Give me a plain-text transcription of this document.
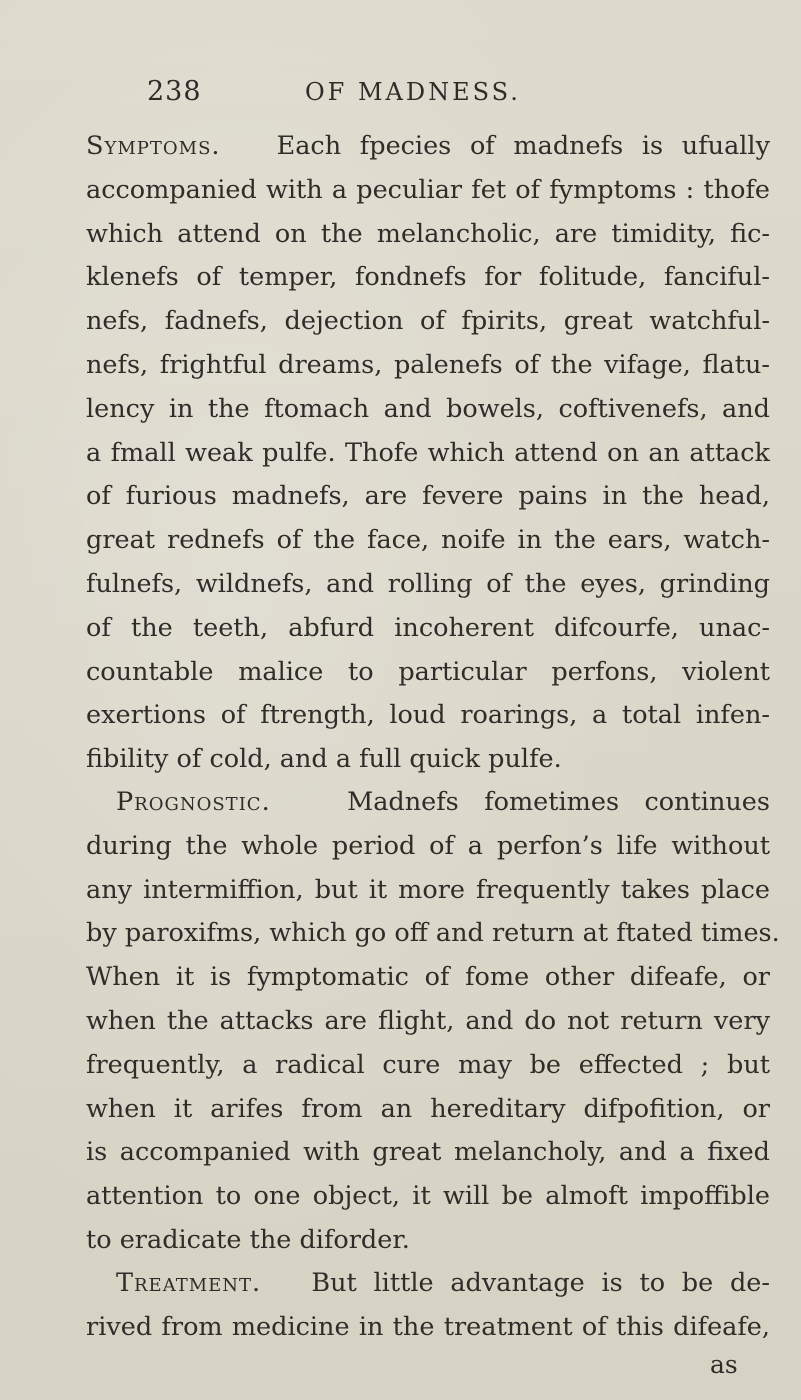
238	OF MADNESS.
Symptoms. Each fpecies of madnefs is ufually
accompanied with a peculiar fet of fymptoms : thofe
which attend on the melancholic, are timidity, fic-
klenefs of temper, fondnefs for folitude, fanciful-
nefs, fadnefs, dejection of fpirits, great watchful-
nefs, frightful dreams, palenefs of the vifage, flatu-
lency in the ftomach and bowels, coftivenefs, and
a fmall weak pulfe. Thofe which attend on an attack
of furious madnefs, are fevere pains in the head,
great rednefs of the face, noife in the ears, watch-
fulnefs, wildnefs, and rolling of the eyes, grinding
of the teeth, abfurd incoherent difcourfe, unac-
countable malice to particular perfons, violent
exertions of ftrength, loud roarings, a total infen-
fibility of cold, and a full quick pulfe.
Prognostic.	Madnefs fometimes continues
during the whole period of a perfon’s life without
any intermiffion, but it more frequently takes place
by paroxifms, which go off and return at ftated times.
When it is fymptomatic of fome other difeafe, or
when the attacks are flight, and do not return very
frequently, a radical cure may be effected ; but
when it arifes from an hereditary difpofition, or
is accompanied with great melancholy, and a fixed
attention to one object, it will be almoft impoffible
to eradicate the diforder.
Treatment. But little advantage is to be de-
rived from medicine in the treatment of this difeafe,
as
